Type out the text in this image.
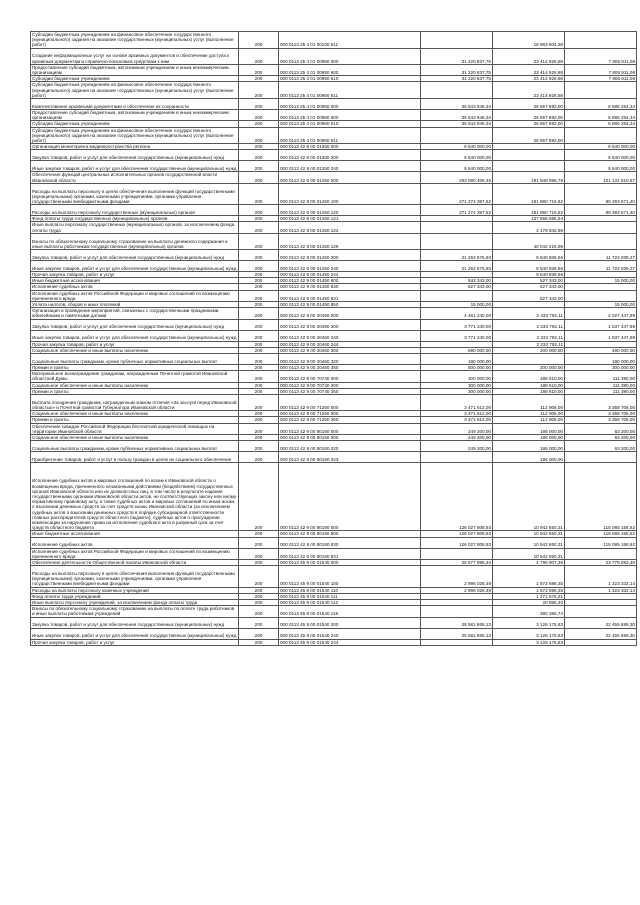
Субсидии бюджетным учреждениям на финансовое обеспечение государственного (муниципального) задания на оказание государственных (муниципальных) услуг (выполнение работ)	200	000 0113 25 4 01 00100 611		18 963 904,38	
Создание информационных услуг на основе архивных документов и обеспечение доступа к архивным документам и справочно-поисковым средствам к ним	200	000 0113 25 4 01 00950 000	31 220 837,75	23 414 926,68	7 805 911,08
Предоставление субсидий бюджетным, автономным учреждениям и иным некоммерческим организациям	200	000 0113 25 4 01 00950 600	31 220 837,75	23 414 926,68	7 805 911,08
Субсидии бюджетным учреждениям	200	000 0113 25 4 01 00950 610	31 220 837,75	23 414 926,68	7 805 911,08
Субсидии бюджетным учреждениям на финансовое обеспечение государственного (муниципального) задания на оказание государственных (муниципальных) услуг (выполнение работ)	200	000 0113 25 4 01 00950 611		23 414 926,68	
Комплектование архивными документами и обеспечение их сохранности	200	000 0113 25 4 01 00960 000	35 543 946,34	26 657 692,00	8 886 254,34
Предоставление субсидий бюджетным, автономным учреждениям и иным некоммерческим организациям	200	000 0113 25 4 01 00960 600	35 543 946,34	26 657 692,00	8 886 254,34
Субсидии бюджетным учреждениям	200	000 0113 25 4 01 00960 610	35 543 946,34	26 657 692,00	8 886 254,34
Субсидии бюджетным учреждениям на финансовое обеспечение государственного (муниципального) задания на оказание государственных (муниципальных) услуг (выполнение работ)	200	000 0113 25 4 01 00960 611		26 657 692,00	
Организация мониторинга медиапространства региона	200	000 0113 42 9 00 01350 000	9 640 000,00		9 640 000,00
Закупка товаров, работ и услуг для обеспечения государственных (муниципальных) нужд	200	000 0113 42 9 00 01350 200	9 640 000,00		9 640 000,00
Иные закупки товаров, работ и услуг для обеспечения государственных (муниципальных) нужд	200	000 0113 42 9 00 01350 240	9 640 000,00		9 640 000,00
Обеспечение функций центральных исполнительных органов государственной власти Ивановской области	200	000 0113 42 9 00 01450 000	293 080 406,45	191 948 895,78	101 131 510,67
Расходы на выплаты персоналу в целях обеспечения выполнения функций государственными (муниципальными) органами, казенными учреждениями, органами управления государственными внебюджетными фондами	200	000 0113 42 9 00 01450 100	271 274 387,52	181 880 716,62	89 393 671,40
Расходы на выплаты персоналу государственных (муниципальных) органов	200	000 0113 42 9 00 01450 120	271 274 387,52	181 880 716,62	89 393 671,40
Фонд оплаты труда государственных (муниципальных) органов	200	000 0113 42 9 00 01450 121		137 658 696,54	
Иные выплаты персоналу государственных (муниципальных) органов, за исключением фонда оплаты труда	200	000 0113 42 9 00 01450 122		4 179 642,98	
Взносы по обязательному социальному страхованию на выплаты денежного содержания и иные выплаты работникам государственных (муниципальных) органов	200	000 0113 42 9 00 01450 129		40 042 416,99	
Закупка товаров, работ и услуг для обеспечения государственных (муниципальных) нужд	200	000 0113 42 9 00 01450 200	21 262 675,93	9 540 836,66	11 722 839,27
Иные закупки товаров, работ и услуг для обеспечения государственных (муниципальных) нужд	200	000 0113 42 9 00 01450 240	21 262 675,93	9 540 836,66	11 722 839,27
Прочая закупка товаров, работ и услуг	200	000 0113 42 9 00 01450 244		9 540 836,66	
Иные бюджетные ассигнования	200	000 0113 42 9 00 01450 800	542 343,00	527 343,00	15 000,00
Исполнение судебных актов	200	000 0113 42 9 00 01450 830	527 343,00	527 343,00	
Исполнение судебных актов Российской Федерации и мировых соглашений по возмещению причиненного вреда	200	000 0113 42 9 00 01450 831		527 343,00	
Уплата налогов, сборов и иных платежей	200	000 0113 42 9 00 01450 850	15 000,00		15 000,00
Организация и проведение мероприятий, связанных с государственными праздниками, юбилейными и памятными датами	200	000 0113 42 9 00 20460 000	4 461 240,00	2 433 792,11	2 027 447,89
Закупка товаров, работ и услуг для обеспечения государственных (муниципальных) нужд	200	000 0113 42 9 00 20460 200	3 771 240,00	2 233 792,11	1 537 447,89
Иные закупки товаров, работ и услуг для обеспечения государственных (муниципальных) нужд	200	000 0113 42 9 00 20460 240	3 771 240,00	2 233 792,11	1 537 447,89
Прочая закупка товаров, работ и услуг	200	000 0113 42 9 00 20460 244		2 233 792,11	
Социальное обеспечение и иные выплаты населению	200	000 0113 42 9 00 20460 300	690 000,00	200 000,00	490 000,00
Социальные выплаты гражданам, кроме публичных нормативных социальных выплат	200	000 0113 42 9 00 20460 320	190 000,00		190 000,00
Премии и гранты	200	000 0113 42 9 00 20460 350	500 000,00	200 000,00	300 000,00
Материальное вознаграждение гражданам, награжденным Почетной грамотой Ивановской областной Думы	200	000 0113 42 9 00 70740 000	300 000,00	188 610,00	111 390,00
Социальное обеспечение и иные выплаты населению	200	000 0113 42 9 00 70740 300	300 000,00	188 610,00	111 390,00
Премии и гранты	200	000 0113 42 9 00 70740 350	300 000,00	188 610,00	111 390,00
Выплата поощрения гражданам, награжденным знаком отличия «За заслуги перед Ивановской областью» и Почетной грамотой Губернатора Ивановской области	200	000 0113 42 9 00 71250 000	3 471 612,00	112 906,00	3 358 706,00
Социальное обеспечение и иные выплаты населению	200	000 0113 42 9 00 71250 300	3 471 612,00	112 906,00	3 358 706,00
Премии и гранты	200	000 0113 42 9 00 71250 350	3 471 612,00	112 906,00	3 358 706,00
Обеспечение граждан Российской Федерации бесплатной юридической помощью на территории Ивановской области	200	000 0113 42 9 00 80160 000	249 200,00	186 000,00	63 200,00
Социальное обеспечение и иные выплаты населению	200	000 0113 42 9 00 80160 300	249 200,00	186 000,00	63 200,00
Социальные выплаты гражданам, кроме публичных нормативных социальных выплат	200	000 0113 42 9 00 80160 320	249 200,00	186 000,00	63 200,00
Приобретение товаров, работ и услуг в пользу граждан в целях их социального обеспечения	200	000 0113 42 9 00 80160 323		186 000,00	
Исполнение судебных актов и мировых соглашений по искам к Ивановской области о возмещении вреда, причиненного незаконными действиями (бездействием) государственных органов Ивановской области или их должностных лиц, в том числе в результате издания государственными органами Ивановской области актов, не соответствующих закону или иному нормативному правовому акту, а также судебных актов и мировых соглашений по иным искам о взыскании денежных средств за счет средств казны Ивановской области (за исключением судебных актов о взыскании денежных средств в порядке субсидиарной ответственности главных распорядителей средств областного бюджета), судебных актов о присуждении компенсации за нарушение права на исполнение судебного акта в разумный срок за счет средств областного бюджета	200	000 0113 42 9 00 80180 000	126 027 808,93	10 942 650,31	115 085 158,62
Иные бюджетные ассигнования	200	000 0113 42 9 00 80180 800	126 027 808,93	10 942 650,31	115 085 158,62
Исполнение судебных актов	200	000 0113 42 9 00 80180 830	126 027 808,93	10 942 650,31	115 085 158,62
Исполнение судебных актов Российской Федерации и мировых соглашений по возмещению причиненного вреда	200	000 0113 42 9 00 80180 831		10 942 650,31	
Обеспечение деятельности Общественной палаты Ивановской области	200	000 0113 45 9 00 01540 000	28 577 986,34	4 798 907,36	23 779 083,48
Расходы на выплаты персоналу в целях обеспечения выполнения функций государственными (муниципальными) органами, казенными учреждениями, органами управления государственными внебюджетными фондами	200	000 0113 45 9 00 01540 100	2 996 028,49	1 672 696,35	1 323 332,14
Расходы на выплаты персоналу казенных учреждений	200	000 0113 45 9 00 01540 110	2 996 028,49	1 672 696,35	1 323 332,14
Фонд оплаты труда учреждений	200	000 0113 45 9 00 01540 111		1 271 575,21	
Иные выплаты персоналу учреждений, за исключением фонда оплаты труда	200	000 0113 45 9 00 01540 112		20 855,40	
Взносы по обязательному социальному страхованию на выплаты по оплате труда работников и иные выплаты работникам учреждений	200	000 0113 45 9 00 01540 119		380 265,74	
Закупка товаров, работ и услуг для обеспечения государственных (муниципальных) нужд	200	000 0113 45 9 00 01540 200	25 581 865,13	3 126 175,83	22 455 689,30
Иные закупки товаров, работ и услуг для обеспечения государственных (муниципальных) нужд	200	000 0113 45 9 00 01540 240	25 581 865,13	3 126 175,83	22 455 689,30
Прочая закупка товаров, работ и услуг	200	000 0113 45 9 00 01540 244		3 126 175,83	
